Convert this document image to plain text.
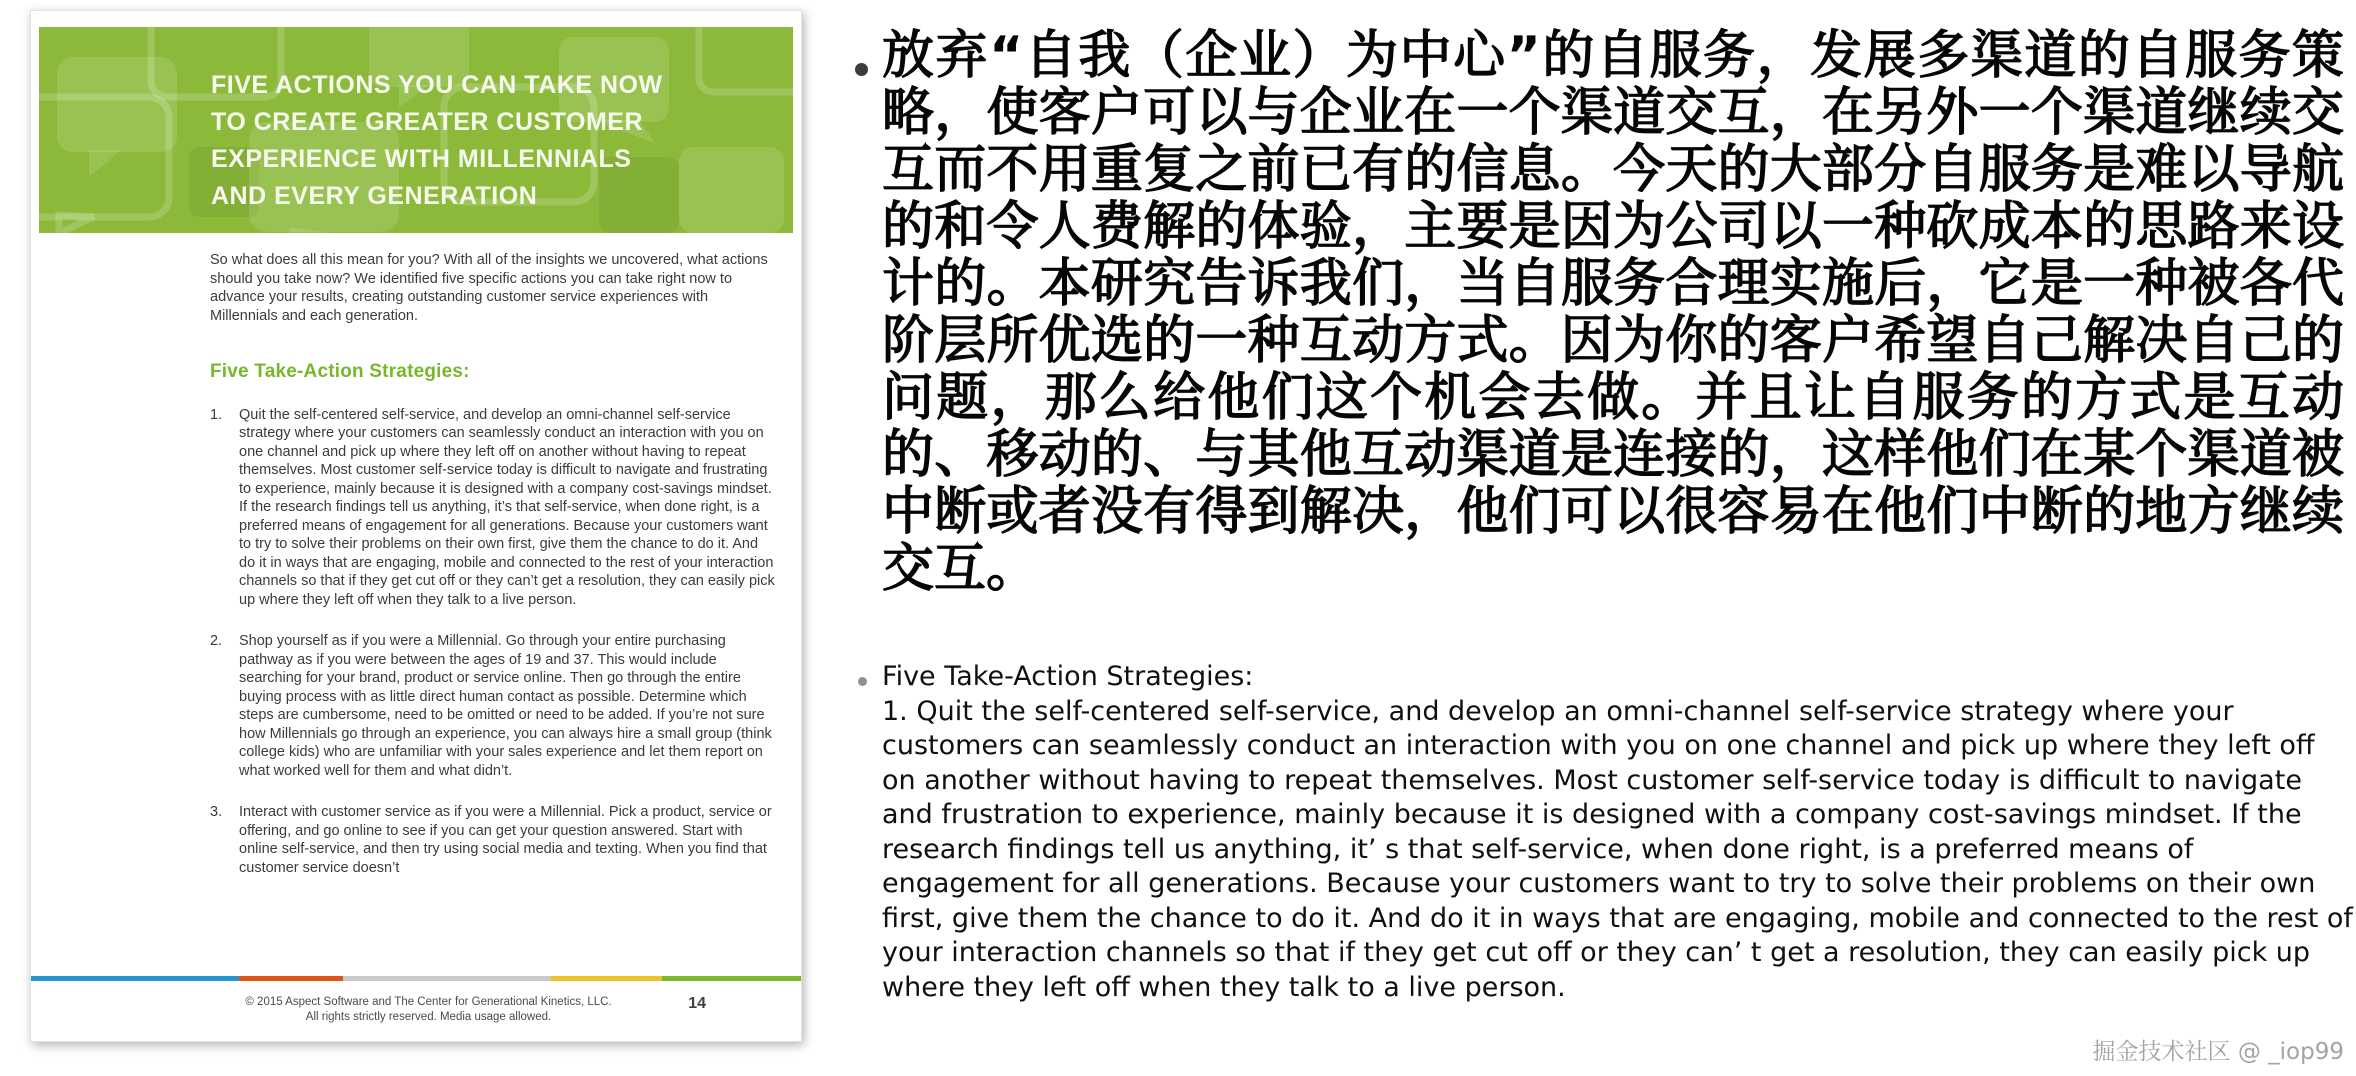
FIVE ACTIONS YOU CAN TAKE NOW
TO CREATE GREATER CUSTOMER
EXPERIENCE WITH MILLENNIALS
AND EVERY GENERATION
So what does all this mean for you? With all of the insights we uncovered, what actions should you take now? We identified five specific actions you can take right now to advance your results, creating outstanding customer service experiences with Millennials and each generation.
Five Take-Action Strategies:
1.	Quit the self-centered self-service, and develop an omni-channel self-service strategy where your customers can seamlessly conduct an interaction with you on one channel and pick up where they left off on another without having to repeat themselves. Most customer self-service today is difficult to navigate and frustrating to experience, mainly because it is designed with a company cost-savings mindset. If the research findings tell us anything, it’s that self-service, when done right, is a preferred means of engagement for all generations. Because your customers want to try to solve their problems on their own first, give them the chance to do it. And do it in ways that are engaging, mobile and connected to the rest of your interaction channels so that if they get cut off or they can’t get a resolution, they can easily pick up where they left off when they talk to a live person.
2.	Shop yourself as if you were a Millennial. Go through your entire purchasing pathway as if you were between the ages of 19 and 37. This would include searching for your brand, product or service online. Then go through the entire buying process with as little direct human contact as possible. Determine which steps are cumbersome, need to be omitted or need to be added. If you’re not sure how Millennials go through an experience, you can always hire a small group (think college kids) who are unfamiliar with your sales experience and let them report on what worked well for them and what didn’t.
3.	Interact with customer service as if you were a Millennial. Pick a product, service or offering, and go online to see if you can get your question answered. Start with online self-service, and then try using social media and texting. When you find that customer service doesn’t
© 2015 Aspect Software and The Center for Generational Kinetics, LLC.
All rights strictly reserved. Media usage allowed.
14
放弃“自我（企业）为中心”的自服务，发展多渠道的自服务策略，使客户可以与企业在一个渠道交互，在另外一个渠道继续交互而不用重复之前已有的信息。今天的大部分自服务是难以导航的和令人费解的体验，主要是因为公司以一种砍成本的思路来设计的。本研究告诉我们，当自服务合理实施后，它是一种被各代阶层所优选的一种互动方式。因为你的客户希望自己解决自己的问题，那么给他们这个机会去做。并且让自服务的方式是互动的、移动的、与其他互动渠道是连接的，这样他们在某个渠道被中断或者没有得到解决，他们可以很容易在他们中断的地方继续交互。
Five Take-Action Strategies:
1. Quit the self-centered self-service, and develop an omni-channel self-service strategy where your customers can seamlessly conduct an interaction with you on one channel and pick up where they left off on another without having to repeat themselves. Most customer self-service today is difficult to navigate and frustration to experience, mainly because it is designed with a company cost-savings mindset. If the research findings tell us anything, it’ s that self-service, when done right, is a preferred means of engagement for all generations. Because your customers want to try to solve their problems on their own first, give them the chance to do it. And do it in ways that are engaging, mobile and connected to the rest of your interaction channels so that if they get cut off or they can’ t get a resolution, they can easily pick up where they left off when they talk to a live person.
掘金技术社区 @ _iop99
